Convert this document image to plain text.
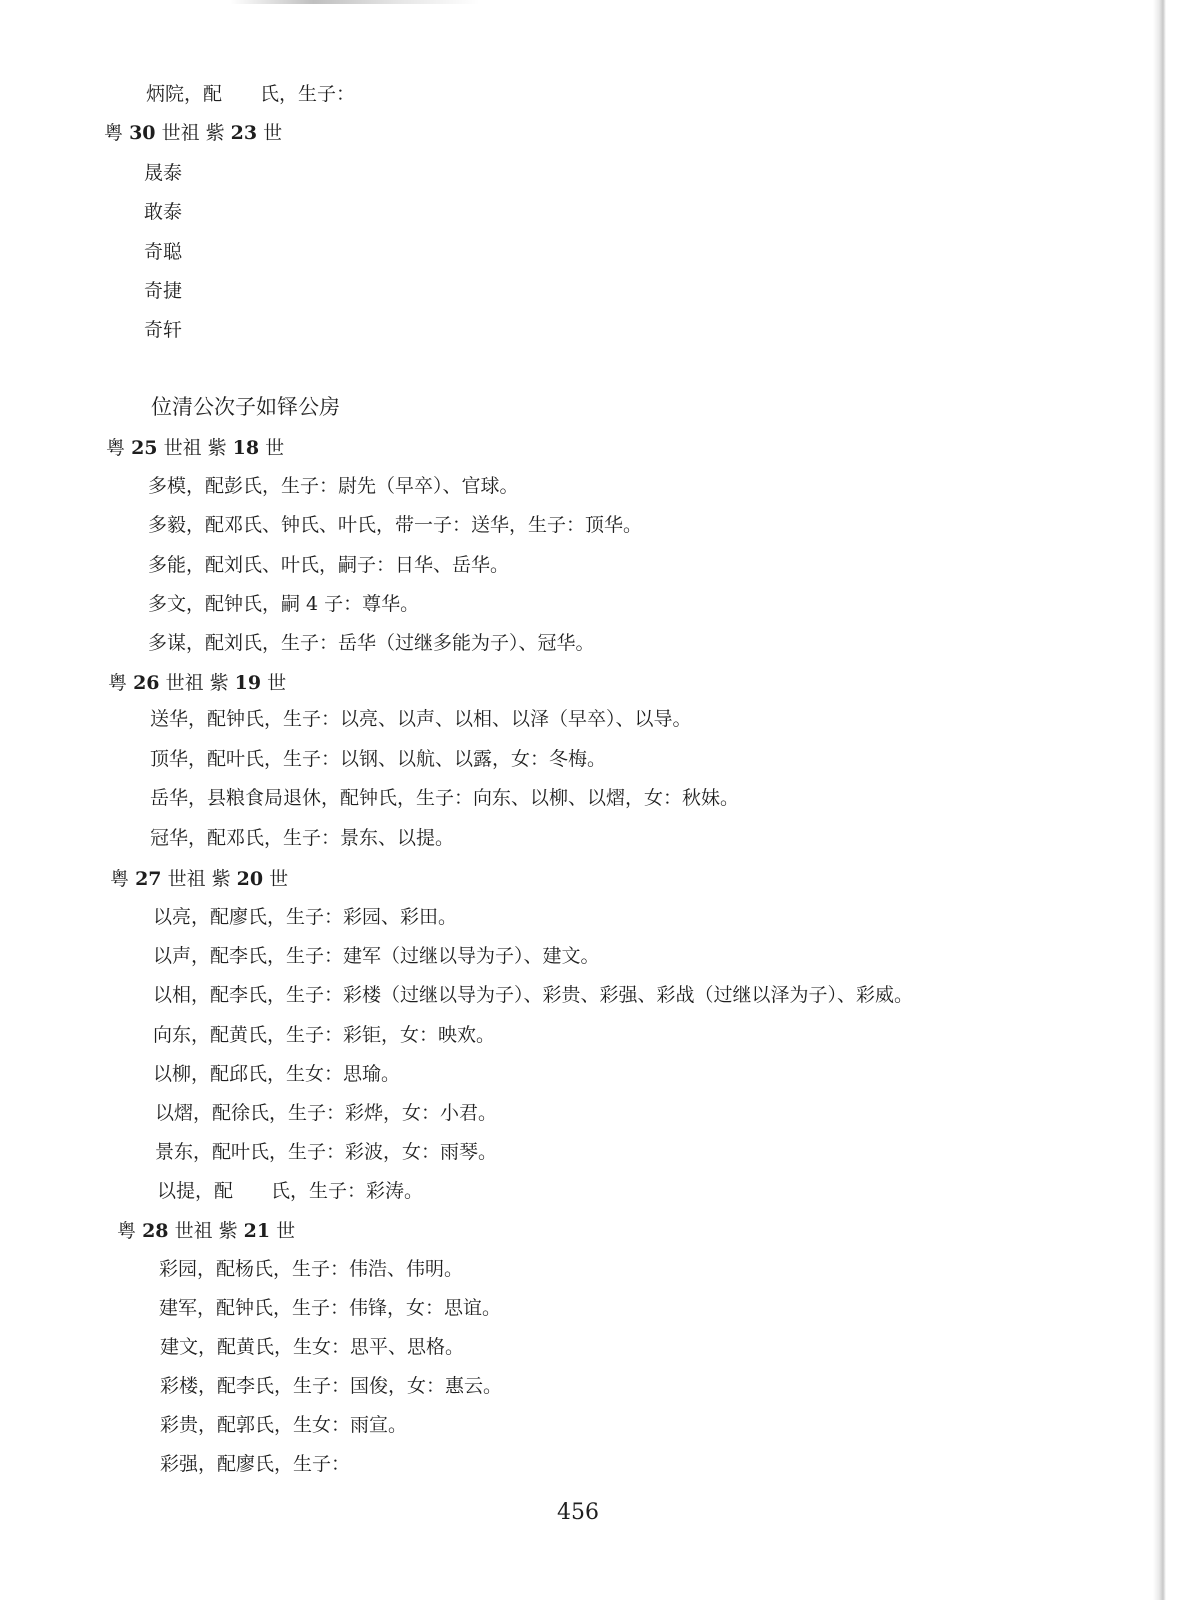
炳院，配　　氏，生子：
粤 30 世祖 紫 23 世
晟泰
敢泰
奇聪
奇捷
奇轩
位清公次子如铎公房
粤 25 世祖 紫 18 世
多模，配彭氏，生子：尉先（早卒）、官球。
多毅，配邓氏、钟氏、叶氏，带一子：送华，生子：顶华。
多能，配刘氏、叶氏，嗣子：日华、岳华。
多文，配钟氏，嗣 4 子：尊华。
多谋，配刘氏，生子：岳华（过继多能为子）、冠华。
粤 26 世祖 紫 19 世
送华，配钟氏，生子：以亮、以声、以相、以泽（早卒）、以导。
顶华，配叶氏，生子：以钢、以航、以露，女：冬梅。
岳华，县粮食局退休，配钟氏，生子：向东、以柳、以熠，女：秋妹。
冠华，配邓氏，生子：景东、以提。
粤 27 世祖 紫 20 世
以亮，配廖氏，生子：彩园、彩田。
以声，配李氏，生子：建军（过继以导为子）、建文。
以相，配李氏，生子：彩楼（过继以导为子）、彩贵、彩强、彩战（过继以泽为子）、彩威。
向东，配黄氏，生子：彩钜，女：映欢。
以柳，配邱氏，生女：思瑜。
以熠，配徐氏，生子：彩烨，女：小君。
景东，配叶氏，生子：彩波，女：雨琴。
以提，配　　氏，生子：彩涛。
粤 28 世祖 紫 21 世
彩园，配杨氏，生子：伟浩、伟明。
建军，配钟氏，生子：伟锋，女：思谊。
建文，配黄氏，生女：思平、思格。
彩楼，配李氏，生子：国俊，女：惠云。
彩贵，配郭氏，生女：雨宣。
彩强，配廖氏，生子：
456
